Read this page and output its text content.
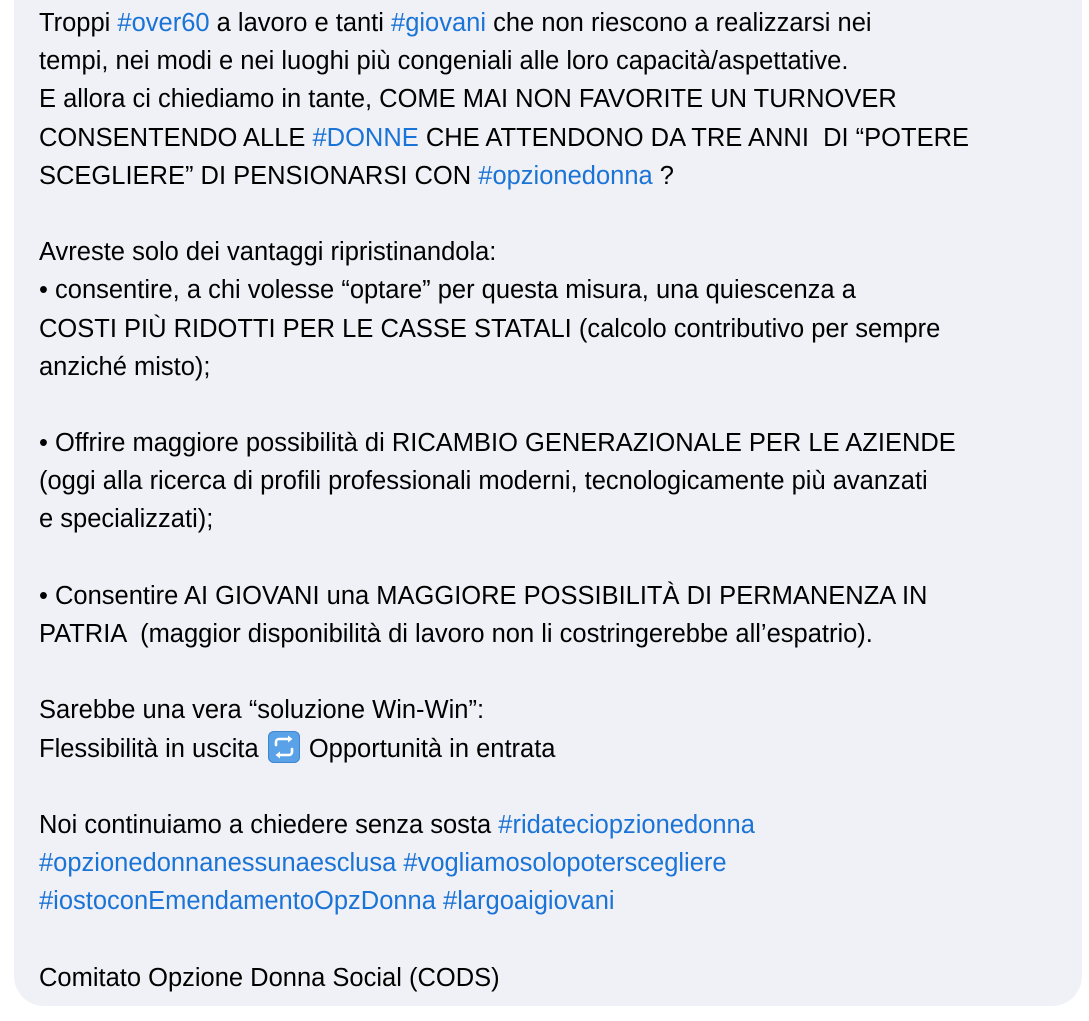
Troppi #over60 a lavoro e tanti #giovani che non riescono a realizzarsi nei
tempi, nei modi e nei luoghi più congeniali alle loro capacità/aspettative.
E allora ci chiediamo in tante, COME MAI NON FAVORITE UN TURNOVER
CONSENTENDO ALLE #DONNE CHE ATTENDONO DA TRE ANNI  DI “POTERE
SCEGLIERE” DI PENSIONARSI CON #opzionedonna ?
Avreste solo dei vantaggi ripristinandola:
• consentire, a chi volesse “optare” per questa misura, una quiescenza a
COSTI PIÙ RIDOTTI PER LE CASSE STATALI (calcolo contributivo per sempre
anziché misto);
• Offrire maggiore possibilità di RICAMBIO GENERAZIONALE PER LE AZIENDE
(oggi alla ricerca di profili professionali moderni, tecnologicamente più avanzati
e specializzati);
• Consentire AI GIOVANI una MAGGIORE POSSIBILITÀ DI PERMANENZA IN
PATRIA  (maggior disponibilità di lavoro non li costringerebbe all’espatrio).
Sarebbe una vera “soluzione Win-Win”:
Flessibilità in uscita
Opportunità in entrata
Noi continuiamo a chiedere senza sosta #ridateciopzionedonna
#opzionedonnanessunaesclusa #vogliamosolopoterscegliere
#iostoconEmendamentoOpzDonna #largoaigiovani
Comitato Opzione Donna Social (CODS)
